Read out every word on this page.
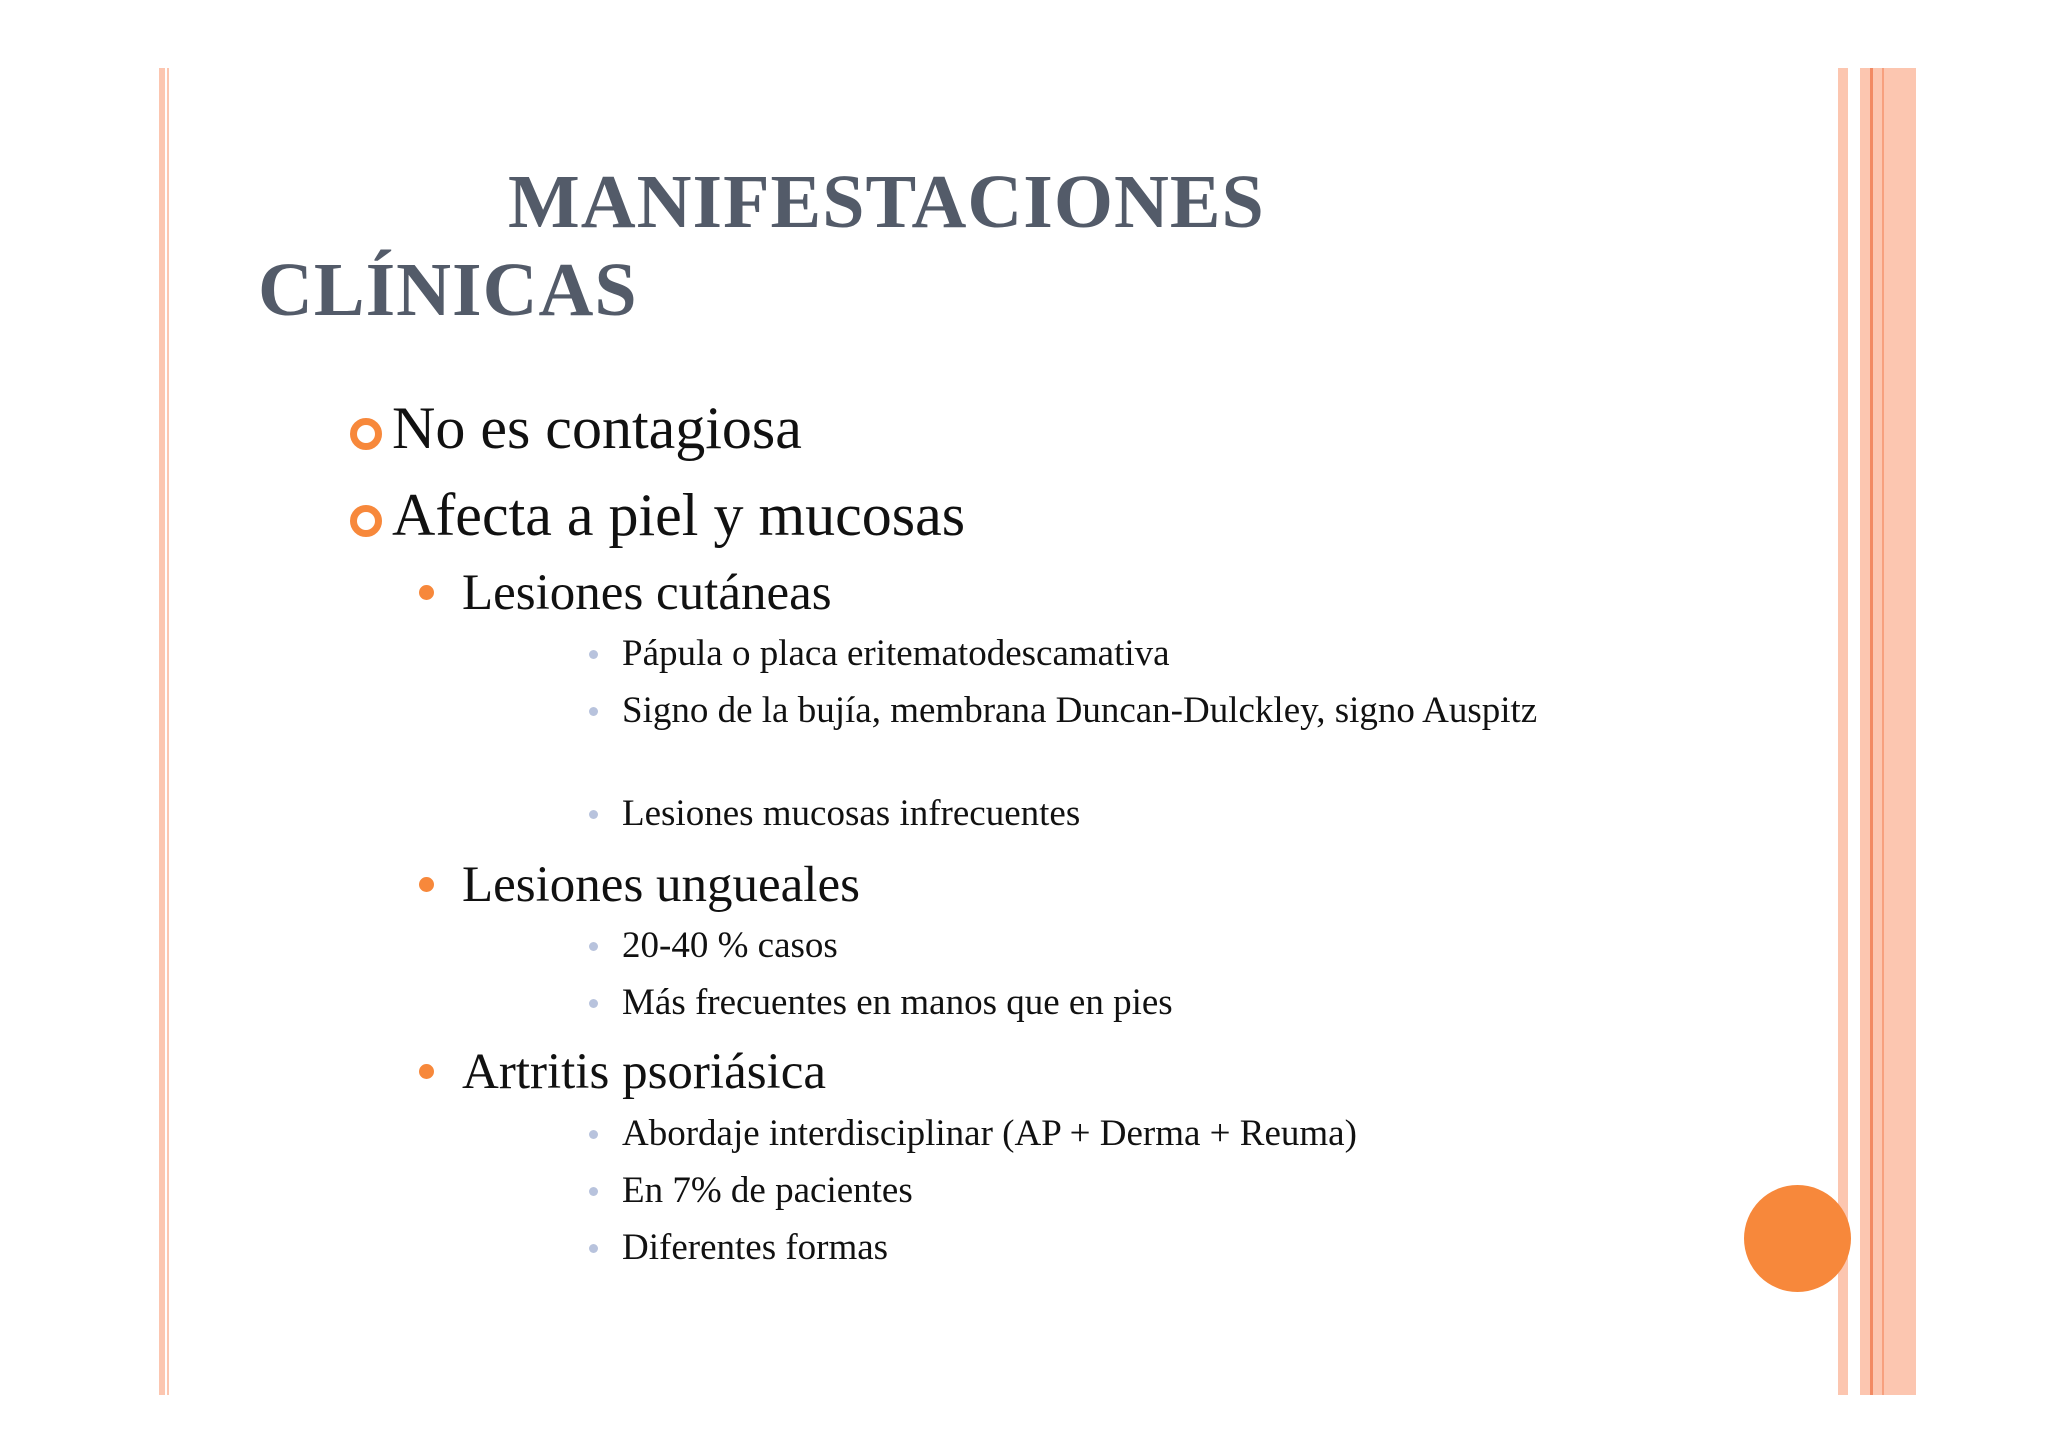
MANIFESTACIONES
CLÍNICAS
No es contagiosa
Afecta a piel y mucosas
Lesiones cutáneas
Pápula o placa eritematodescamativa
Signo de la bujía, membrana Duncan-Dulckley, signo Auspitz
Lesiones mucosas infrecuentes
Lesiones ungueales
20-40 % casos
Más frecuentes en manos que en pies
Artritis psoriásica
Abordaje interdisciplinar (AP + Derma + Reuma)
En 7% de pacientes
Diferentes formas
